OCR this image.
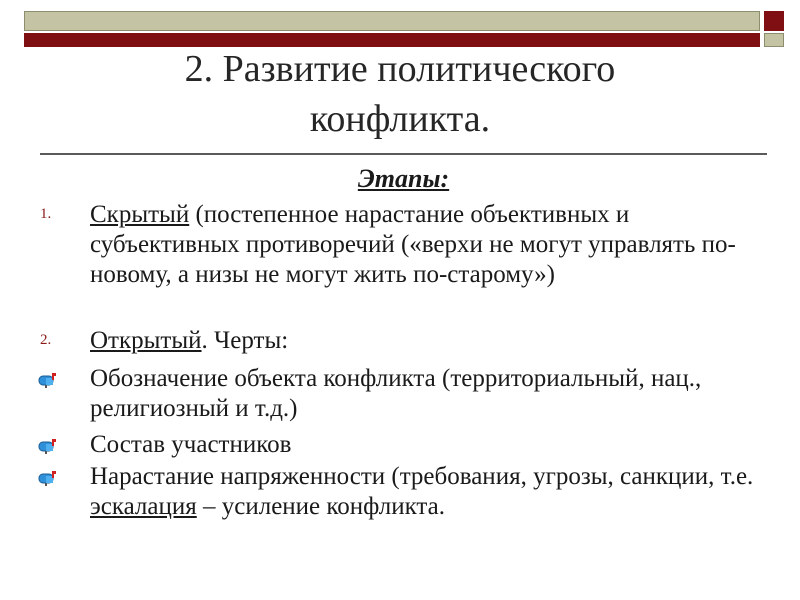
2. Развитие политического
конфликта.
Этапы:
1. Скрытый (постепенное нарастание объективных и субъективных противоречий («верхи не могут управлять по-новому, а низы не могут жить по-старому»)
2. Открытый. Черты:
Обозначение объекта конфликта (территориальный, нац., религиозный и т.д.)
Состав участников
Нарастание напряженности (требования, угрозы, санкции, т.е. эскалация – усиление конфликта.
